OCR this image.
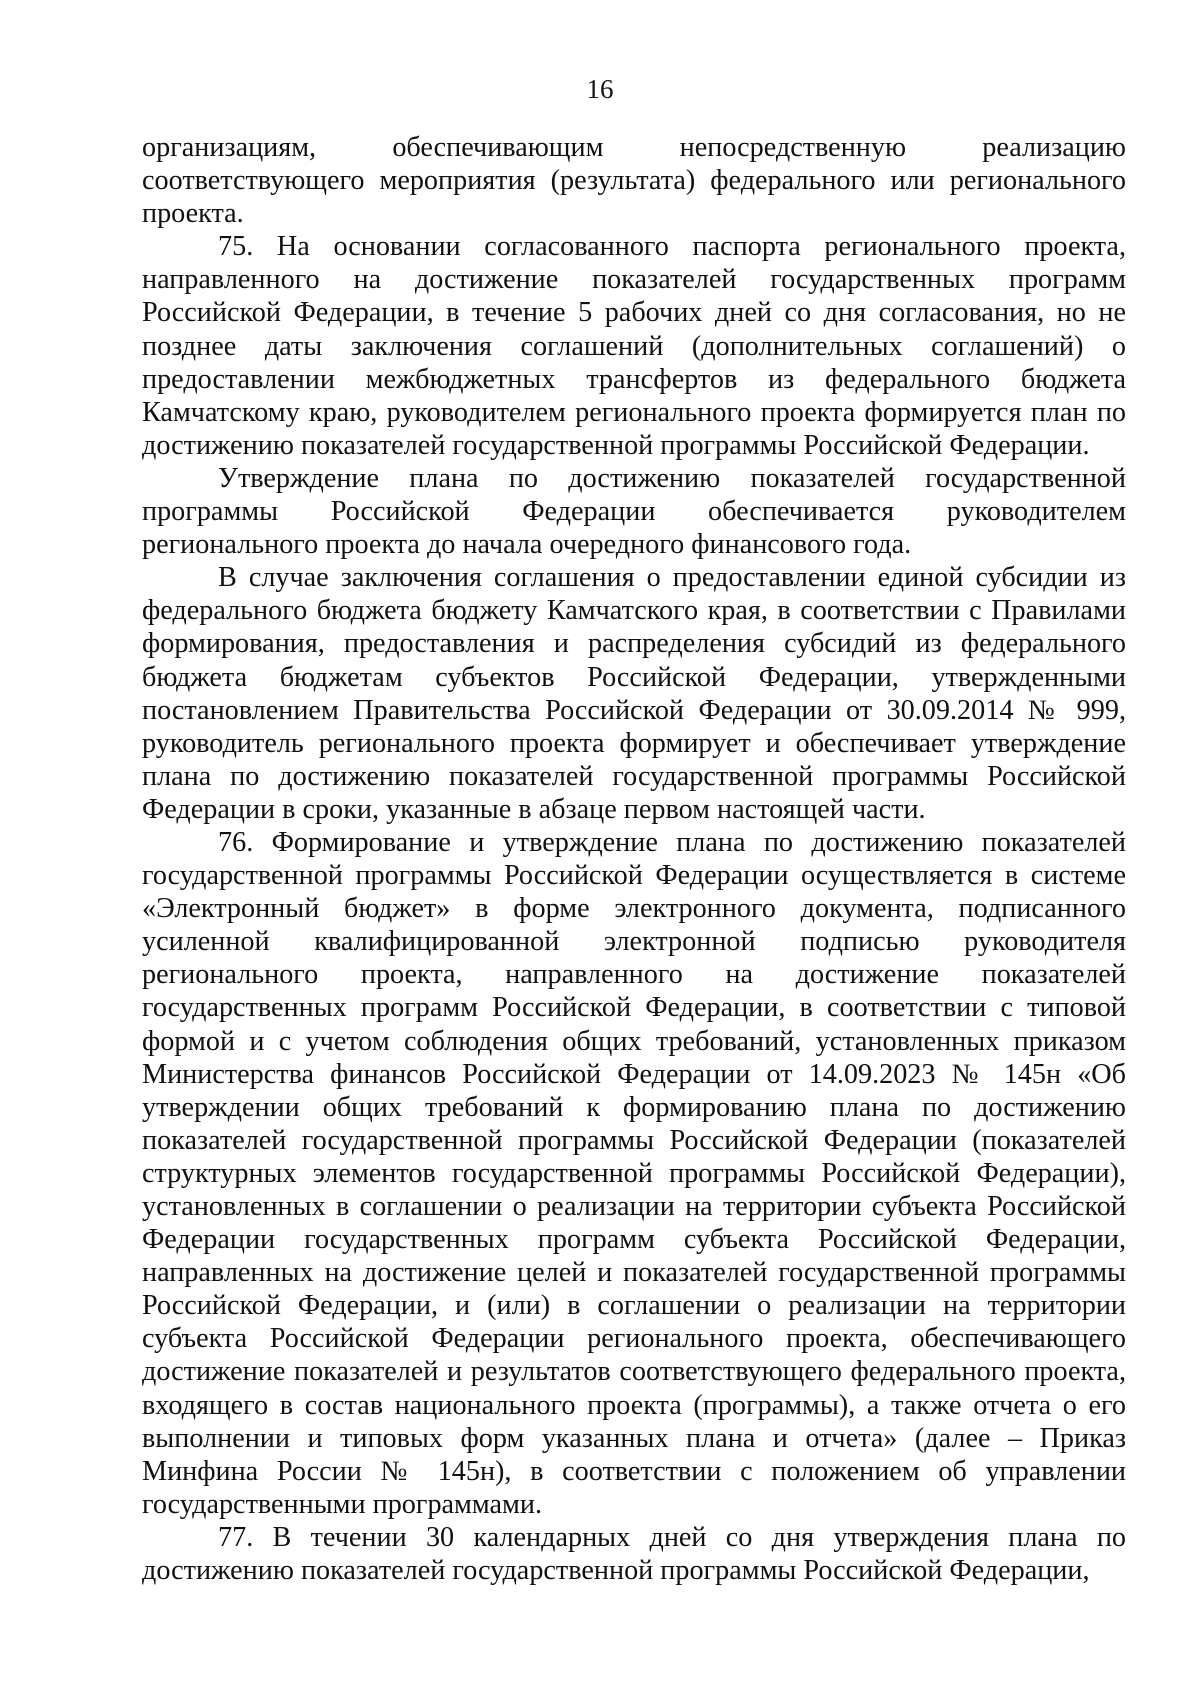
16

организациям, обеспечивающим непосредственную реализацию соответствующего мероприятия (результата) федерального или регионального проекта.

75. На основании согласованного паспорта регионального проекта, направленного на достижение показателей государственных программ Российской Федерации, в течение 5 рабочих дней со дня согласования, но не позднее даты заключения соглашений (дополнительных соглашений) о предоставлении межбюджетных трансфертов из федерального бюджета Камчатскому краю, руководителем регионального проекта формируется план по достижению показателей государственной программы Российской Федерации.

Утверждение плана по достижению показателей государственной программы Российской Федерации обеспечивается руководителем регионального проекта до начала очередного финансового года.

В случае заключения соглашения о предоставлении единой субсидии из федерального бюджета бюджету Камчатского края, в соответствии с Правилами формирования, предоставления и распределения субсидий из федерального бюджета бюджетам субъектов Российской Федерации, утвержденными постановлением Правительства Российской Федерации от 30.09.2014 № 999, руководитель регионального проекта формирует и обеспечивает утверждение плана по достижению показателей государственной программы Российской Федерации в сроки, указанные в абзаце первом настоящей части.

76. Формирование и утверждение плана по достижению показателей государственной программы Российской Федерации осуществляется в системе «Электронный бюджет» в форме электронного документа, подписанного усиленной квалифицированной электронной подписью руководителя регионального проекта, направленного на достижение показателей государственных программ Российской Федерации, в соответствии с типовой формой и с учетом соблюдения общих требований, установленных приказом Министерства финансов Российской Федерации от 14.09.2023 № 145н «Об утверждении общих требований к формированию плана по достижению показателей государственной программы Российской Федерации (показателей структурных элементов государственной программы Российской Федерации), установленных в соглашении о реализации на территории субъекта Российской Федерации государственных программ субъекта Российской Федерации, направленных на достижение целей и показателей государственной программы Российской Федерации, и (или) в соглашении о реализации на территории субъекта Российской Федерации регионального проекта, обеспечивающего достижение показателей и результатов соответствующего федерального проекта, входящего в состав национального проекта (программы), а также отчета о его выполнении и типовых форм указанных плана и отчета» (далее – Приказ Минфина России № 145н), в соответствии с положением об управлении государственными программами.

77. В течении 30 календарных дней со дня утверждения плана по достижению показателей государственной программы Российской Федерации,
